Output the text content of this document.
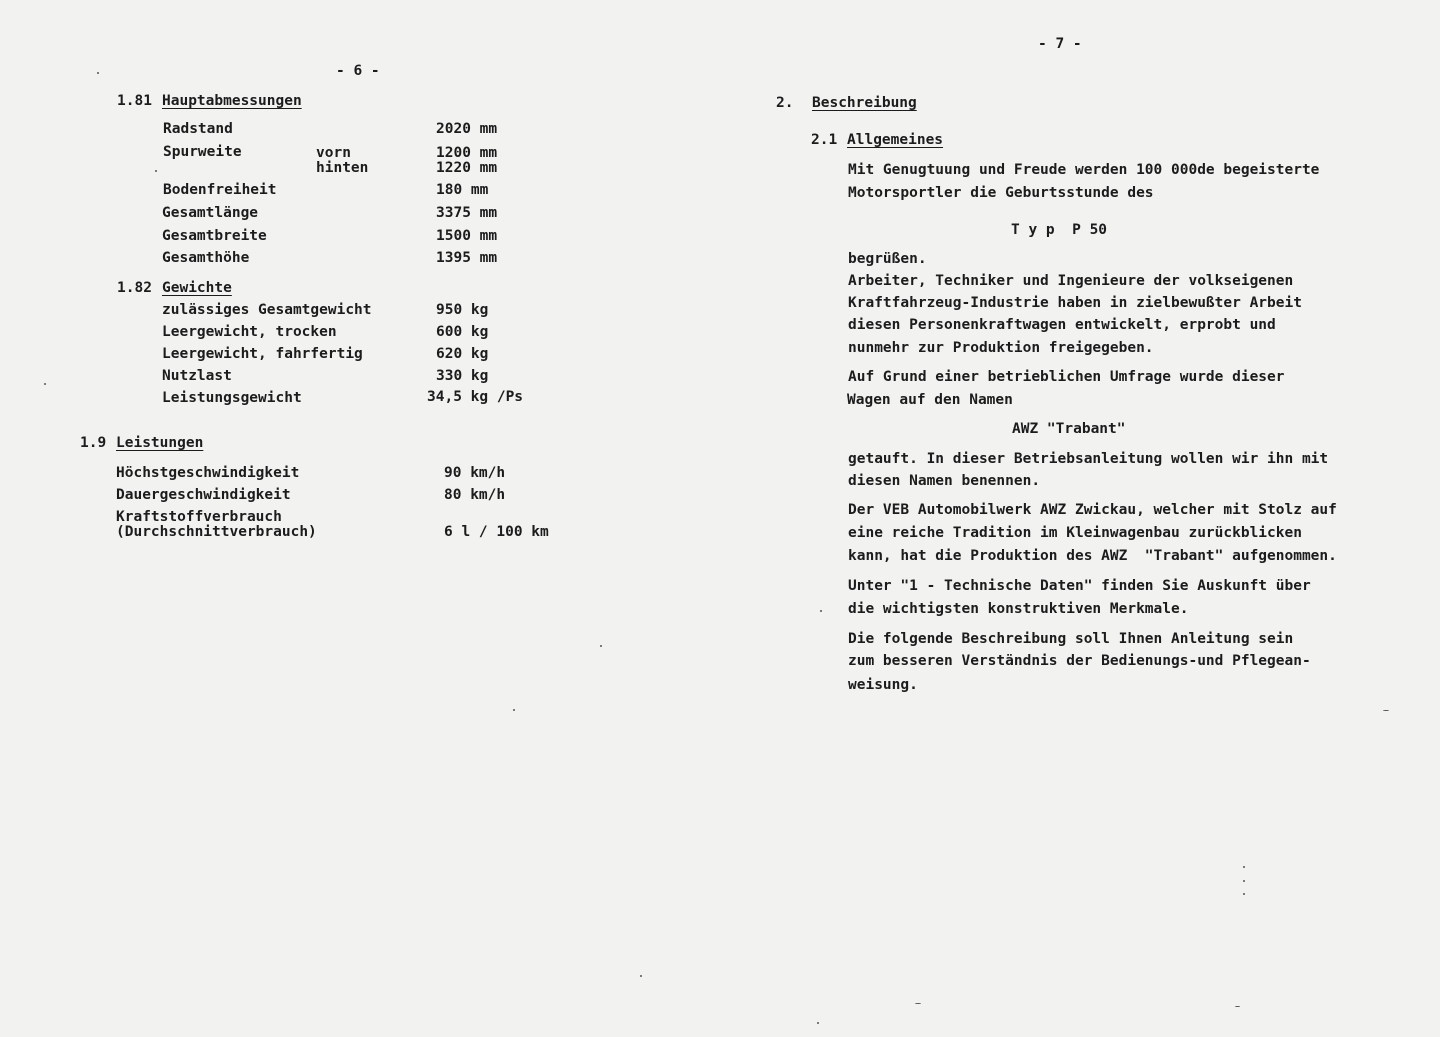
- 6 -
1.81 Hauptabmessungen
Radstand	2020 mm
Spurweite	vorn	1200 mm
hinten	1220 mm
Bodenfreiheit	180 mm
Gesamtlänge	3375 mm
Gesamtbreite	1500 mm
Gesamthöhe	1395 mm
1.82 Gewichte
zulässiges Gesamtgewicht	950 kg
Leergewicht, trocken	600 kg
Leergewicht, fahrfertig	620 kg
Nutzlast	330 kg
Leistungsgewicht	34,5 kg /Ps
1.9 Leistungen
Höchstgeschwindigkeit	90 km/h
Dauergeschwindigkeit	80 km/h
Kraftstoffverbrauch
(Durchschnittverbrauch)	6 l / 100 km
- 7 -
2. Beschreibung
2.1 Allgemeines
Mit Genugtuung und Freude werden 100 000de begeisterte
Motorsportler die Geburtsstunde des
T y p  P 50
begrüßen.
Arbeiter, Techniker und Ingenieure der volkseigenen
Kraftfahrzeug-Industrie haben in zielbewußter Arbeit
diesen Personenkraftwagen entwickelt, erprobt und
nunmehr zur Produktion freigegeben.
Auf Grund einer betrieblichen Umfrage wurde dieser
Wagen auf den Namen
AWZ "Trabant"
getauft. In dieser Betriebsanleitung wollen wir ihn mit
diesen Namen benennen.
Der VEB Automobilwerk AWZ Zwickau, welcher mit Stolz auf
eine reiche Tradition im Kleinwagenbau zurückblicken
kann, hat die Produktion des AWZ  "Trabant" aufgenommen.
Unter "1 - Technische Daten" finden Sie Auskunft über
die wichtigsten konstruktiven Merkmale.
Die folgende Beschreibung soll Ihnen Anleitung sein
zum besseren Verständnis der Bedienungs-und Pflegean-
weisung.
